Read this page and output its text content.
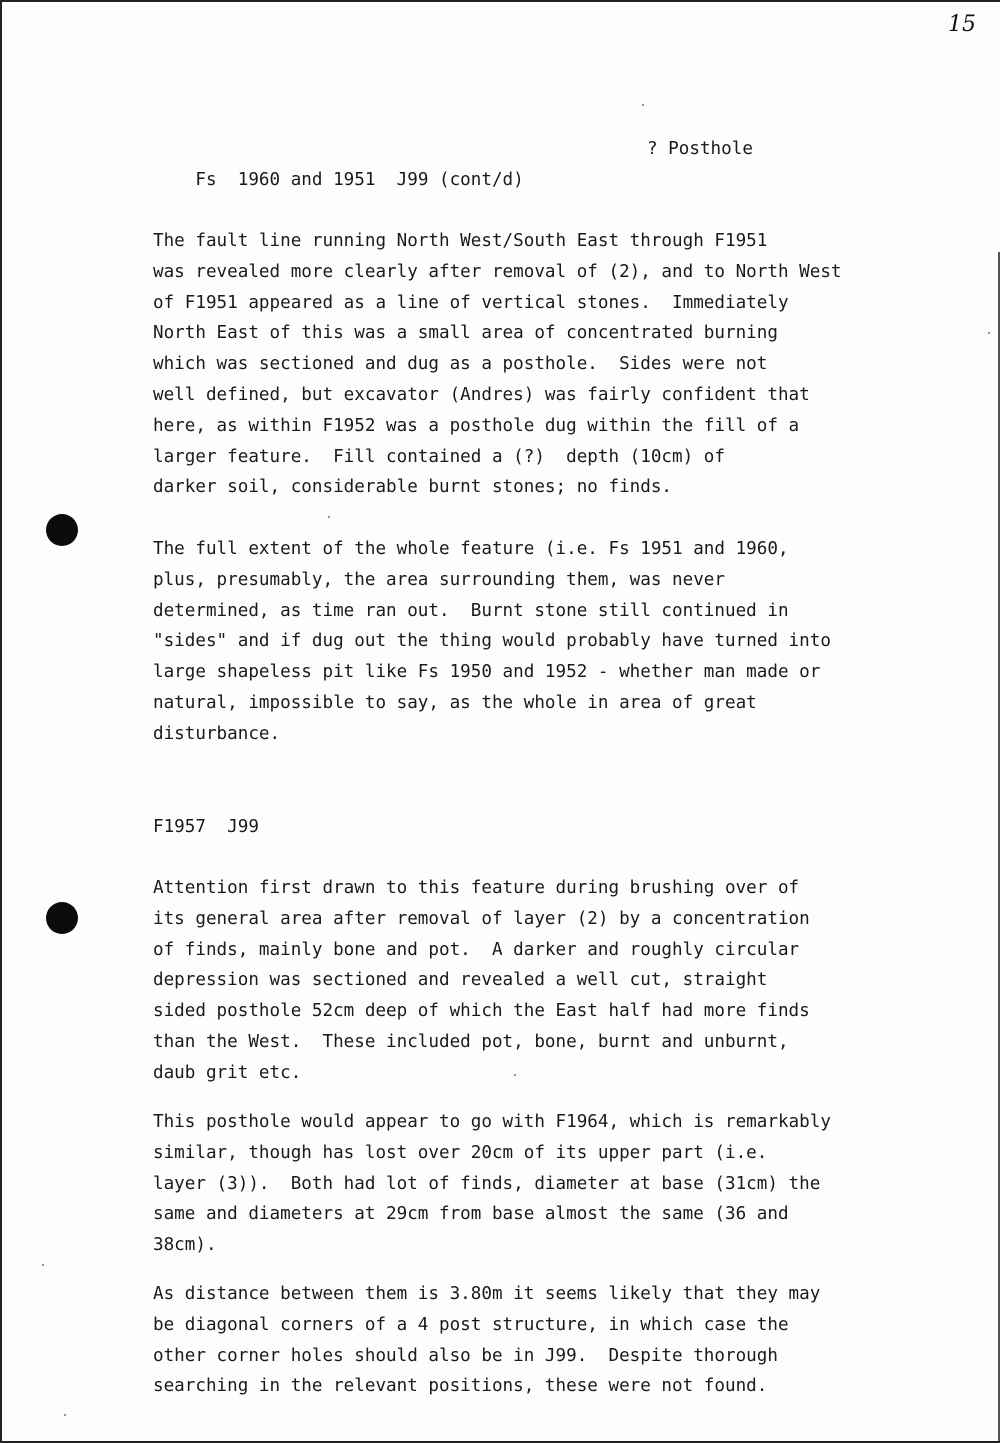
15

Fs  1960 and 1951  J99 (cont/d)

? Posthole

The fault line running North West/South East through F1951
was revealed more clearly after removal of (2), and to North West
of F1951 appeared as a line of vertical stones.  Immediately
North East of this was a small area of concentrated burning
which was sectioned and dug as a posthole.  Sides were not
well defined, but excavator (Andres) was fairly confident that
here, as within F1952 was a posthole dug within the fill of a
larger feature.  Fill contained a (?)  depth (10cm) of
darker soil, considerable burnt stones; no finds.

The full extent of the whole feature (i.e. Fs 1951 and 1960,
plus, presumably, the area surrounding them, was never
determined, as time ran out.  Burnt stone still continued in
"sides" and if dug out the thing would probably have turned into
large shapeless pit like Fs 1950 and 1952 - whether man made or
natural, impossible to say, as the whole in area of great
disturbance.

F1957  J99

Attention first drawn to this feature during brushing over of
its general area after removal of layer (2) by a concentration
of finds, mainly bone and pot.  A darker and roughly circular
depression was sectioned and revealed a well cut, straight
sided posthole 52cm deep of which the East half had more finds
than the West.  These included pot, bone, burnt and unburnt,
daub grit etc.

This posthole would appear to go with F1964, which is remarkably
similar, though has lost over 20cm of its upper part (i.e.
layer (3)).  Both had lot of finds, diameter at base (31cm) the
same and diameters at 29cm from base almost the same (36 and
38cm).

As distance between them is 3.80m it seems likely that they may
be diagonal corners of a 4 post structure, in which case the
other corner holes should also be in J99.  Despite thorough
searching in the relevant positions, these were not found.
